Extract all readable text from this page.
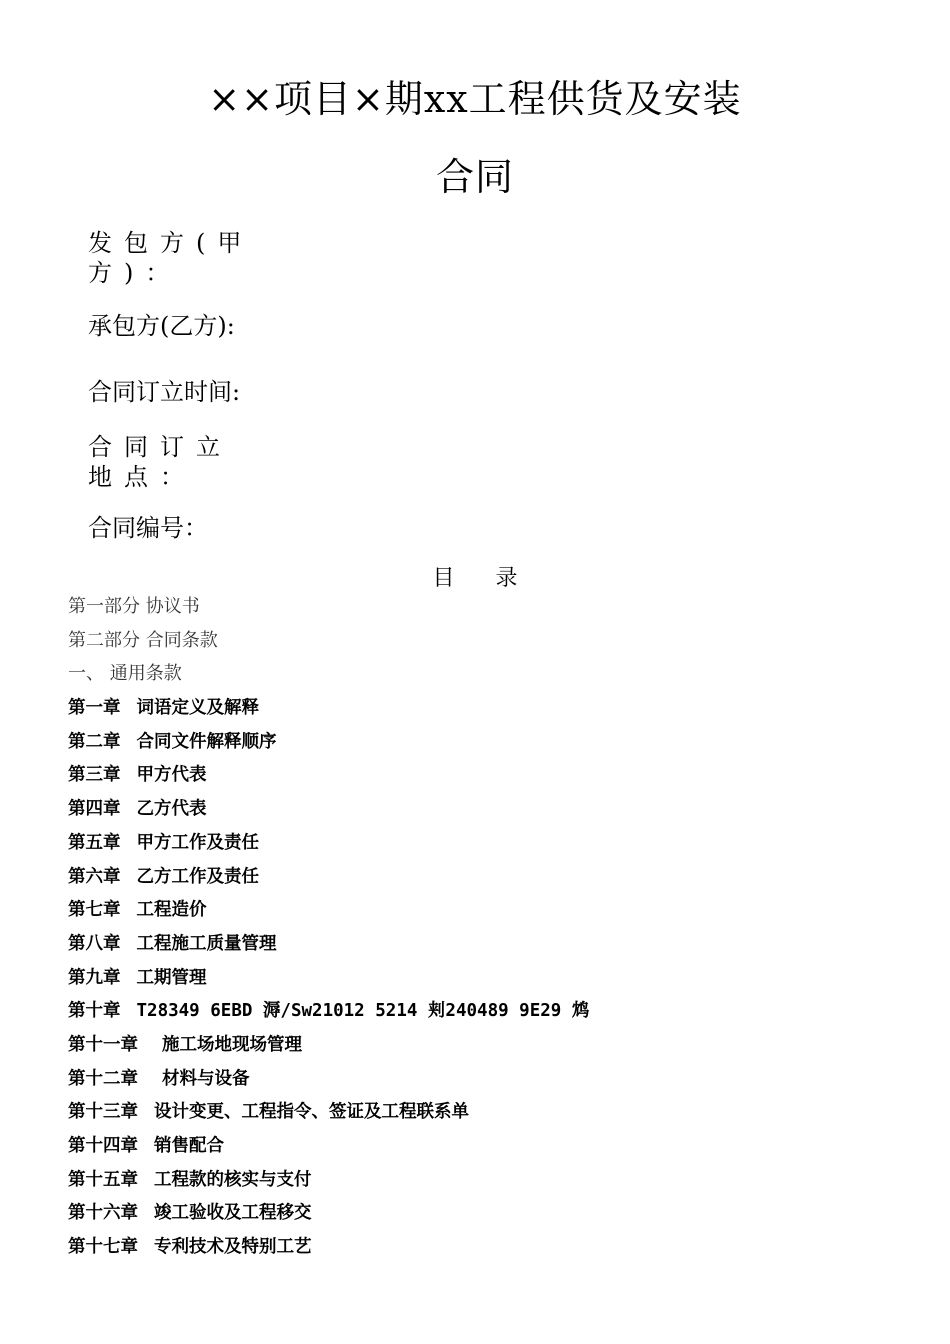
××项目×期xx工程供货及安装
合同
发包方(甲方)：
承包方(乙方):
合同订立时间:
合同订立地点：
合同编号：
目 录
第一部分 协议书
第二部分 合同条款
一、 通用条款
第一章 词语定义及解释
第二章 合同文件解释顺序
第三章 甲方代表
第四章 乙方代表
第五章 甲方工作及责任
第六章 乙方工作及责任
第七章 工程造价
第八章 工程施工质量管理
第九章 工期管理
第十章 T28349 6EBD 溽/Sw21012 5214 刾240489 9E29 鸩
第十一章 施工场地现场管理
第十二章 材料与设备
第十三章 设计变更、工程指令、签证及工程联系单
第十四章 销售配合
第十五章 工程款的核实与支付
第十六章 竣工验收及工程移交
第十七章 专利技术及特别工艺
